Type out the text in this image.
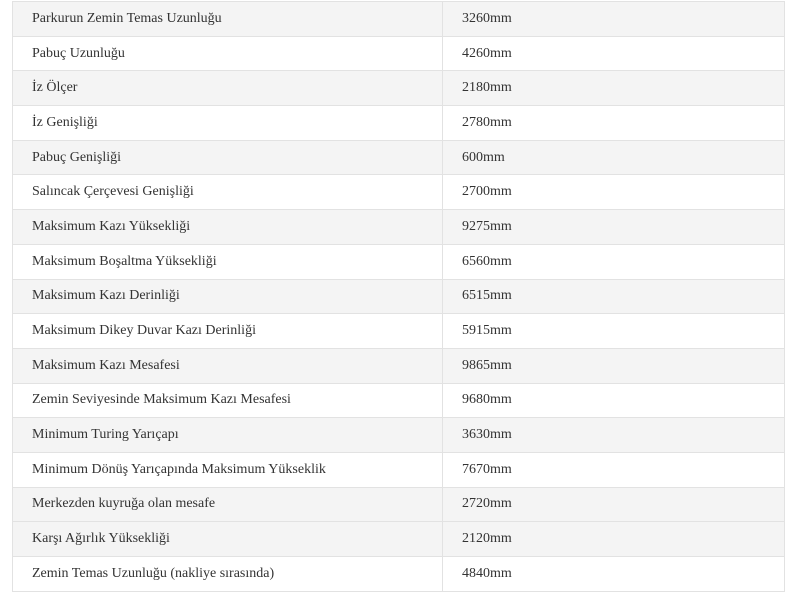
Parkurun Zemin Temas Uzunluğu	3260mm
Pabuç Uzunluğu	4260mm
İz Ölçer	2180mm
İz Genişliği	2780mm
Pabuç Genişliği	600mm
Salıncak Çerçevesi Genişliği	2700mm
Maksimum Kazı Yüksekliği	9275mm
Maksimum Boşaltma Yüksekliği	6560mm
Maksimum Kazı Derinliği	6515mm
Maksimum Dikey Duvar Kazı Derinliği	5915mm
Maksimum Kazı Mesafesi	9865mm
Zemin Seviyesinde Maksimum Kazı Mesafesi	9680mm
Minimum Turing Yarıçapı	3630mm
Minimum Dönüş Yarıçapında Maksimum Yükseklik	7670mm
Merkezden kuyruğa olan mesafe	2720mm
Karşı Ağırlık Yüksekliği	2120mm
Zemin Temas Uzunluğu (nakliye sırasında)	4840mm
